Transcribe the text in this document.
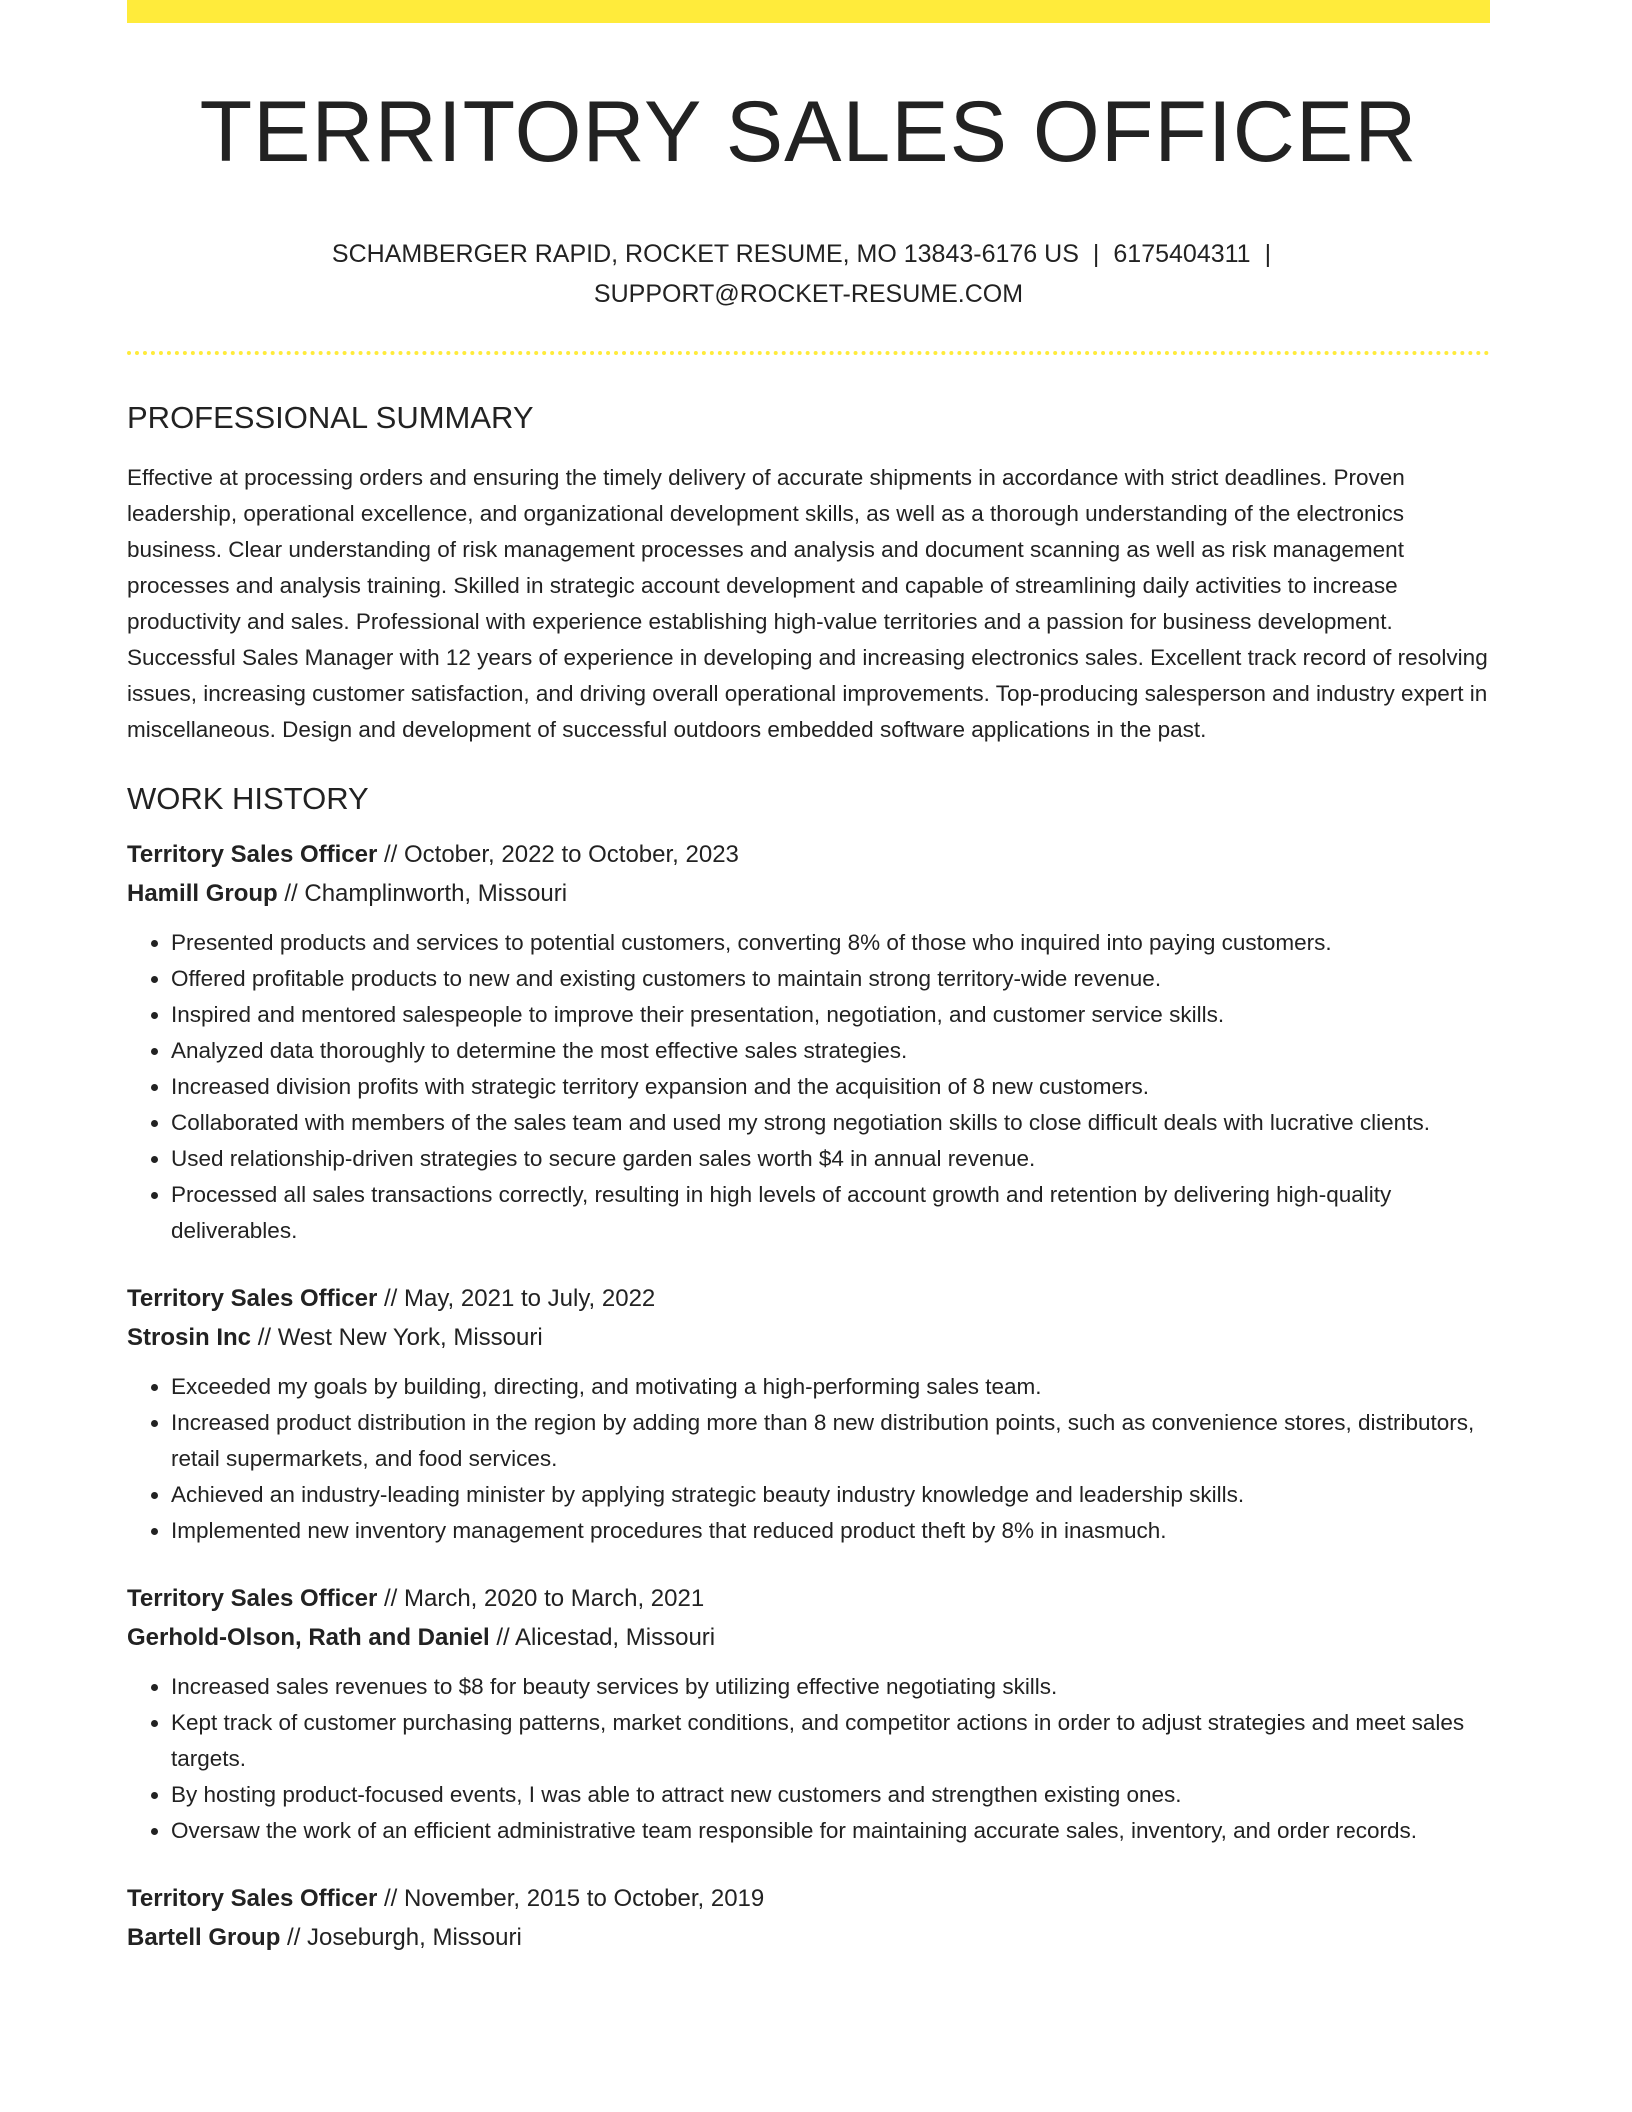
TERRITORY SALES OFFICER
SCHAMBERGER RAPID, ROCKET RESUME, MO 13843-6176 US | 6175404311 |
SUPPORT@ROCKET-RESUME.COM
PROFESSIONAL SUMMARY

Effective at processing orders and ensuring the timely delivery of accurate shipments in accordance with strict deadlines. Proven leadership, operational excellence, and organizational development skills, as well as a thorough understanding of the electronics business. Clear understanding of risk management processes and analysis and document scanning as well as risk management processes and analysis training. Skilled in strategic account development and capable of streamlining daily activities to increase productivity and sales. Professional with experience establishing high-value territories and a passion for business development. Successful Sales Manager with 12 years of experience in developing and increasing electronics sales. Excellent track record of resolving issues, increasing customer satisfaction, and driving overall operational improvements. Top-producing salesperson and industry expert in miscellaneous. Design and development of successful outdoors embedded software applications in the past.

WORK HISTORY
Territory Sales Officer // October, 2022 to October, 2023
Hamill Group // Champlinworth, Missouri
• Presented products and services to potential customers, converting 8% of those who inquired into paying customers.
• Offered profitable products to new and existing customers to maintain strong territory-wide revenue.
• Inspired and mentored salespeople to improve their presentation, negotiation, and customer service skills.
• Analyzed data thoroughly to determine the most effective sales strategies.
• Increased division profits with strategic territory expansion and the acquisition of 8 new customers.
• Collaborated with members of the sales team and used my strong negotiation skills to close difficult deals with lucrative clients.
• Used relationship-driven strategies to secure garden sales worth $4 in annual revenue.
• Processed all sales transactions correctly, resulting in high levels of account growth and retention by delivering high-quality deliverables.
Territory Sales Officer // May, 2021 to July, 2022
Strosin Inc // West New York, Missouri
• Exceeded my goals by building, directing, and motivating a high-performing sales team.
• Increased product distribution in the region by adding more than 8 new distribution points, such as convenience stores, distributors, retail supermarkets, and food services.
• Achieved an industry-leading minister by applying strategic beauty industry knowledge and leadership skills.
• Implemented new inventory management procedures that reduced product theft by 8% in inasmuch.
Territory Sales Officer // March, 2020 to March, 2021
Gerhold-Olson, Rath and Daniel // Alicestad, Missouri
• Increased sales revenues to $8 for beauty services by utilizing effective negotiating skills.
• Kept track of customer purchasing patterns, market conditions, and competitor actions in order to adjust strategies and meet sales targets.
• By hosting product-focused events, I was able to attract new customers and strengthen existing ones.
• Oversaw the work of an efficient administrative team responsible for maintaining accurate sales, inventory, and order records.
Territory Sales Officer // November, 2015 to October, 2019
Bartell Group // Joseburgh, Missouri
